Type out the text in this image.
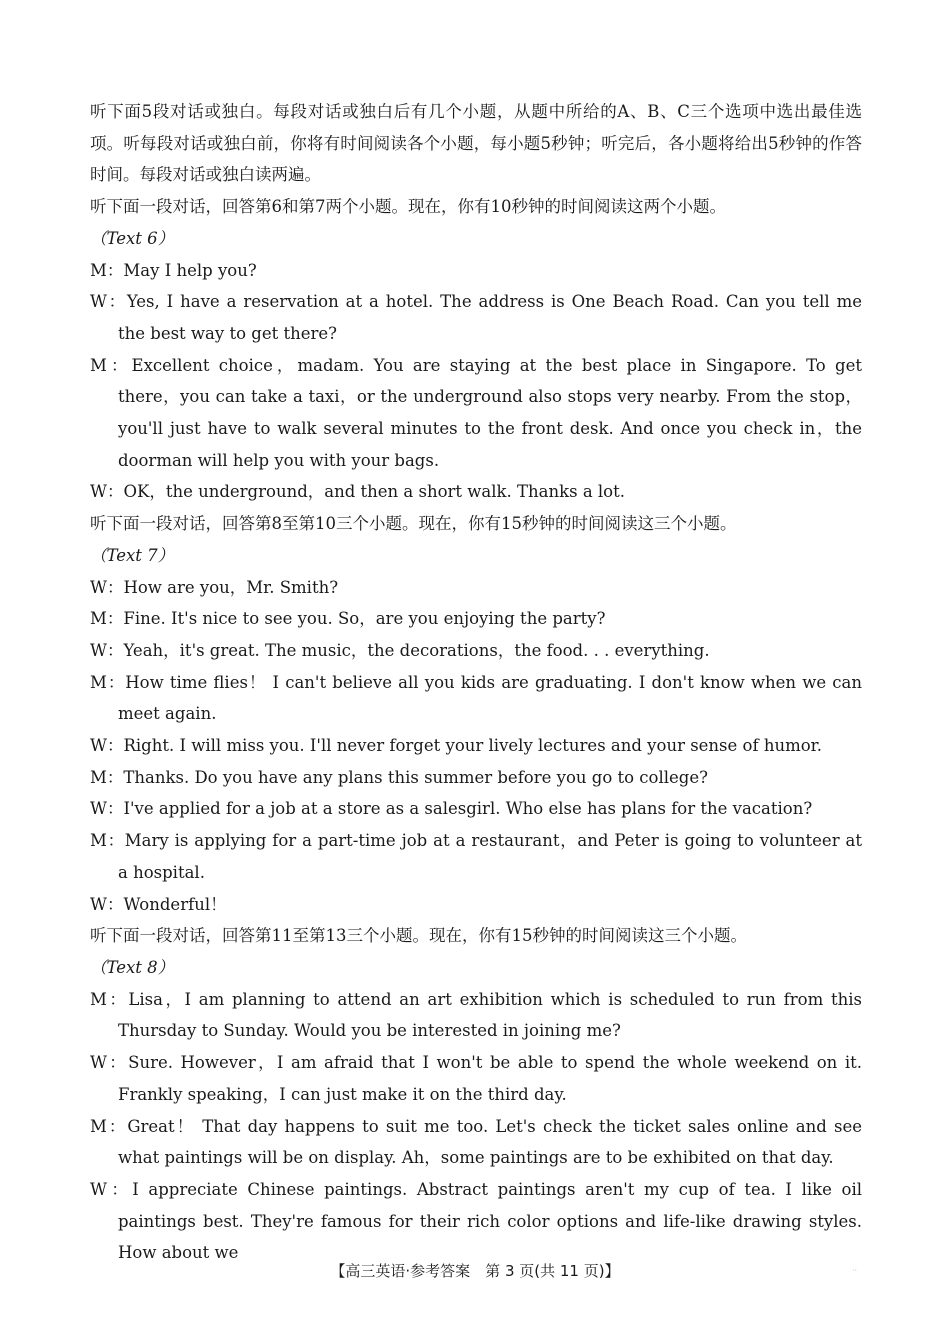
听下面5段对话或独白。每段对话或独白后有几个小题，从题中所给的A、B、C三个选项中选出最佳选项。听每段对话或独白前，你将有时间阅读各个小题，每小题5秒钟；听完后，各小题将给出5秒钟的作答时间。每段对话或独白读两遍。
听下面一段对话，回答第6和第7两个小题。现在，你有10秒钟的时间阅读这两个小题。
（Text 6）
M：May I help you?
W：Yes, I have a reservation at a hotel. The address is One Beach Road. Can you tell me the best way to get there?
M：Excellent choice，madam. You are staying at the best place in Singapore. To get there，you can take a taxi，or the underground also stops very nearby. From the stop，you'll just have to walk several minutes to the front desk. And once you check in，the doorman will help you with your bags.
W：OK，the underground，and then a short walk. Thanks a lot.
听下面一段对话，回答第8至第10三个小题。现在，你有15秒钟的时间阅读这三个小题。
（Text 7）
W：How are you，Mr. Smith?
M：Fine. It's nice to see you. So，are you enjoying the party?
W：Yeah，it's great. The music，the decorations，the food. . . everything.
M：How time flies！ I can't believe all you kids are graduating. I don't know when we can meet again.
W：Right. I will miss you. I'll never forget your lively lectures and your sense of humor.
M：Thanks. Do you have any plans this summer before you go to college?
W：I've applied for a job at a store as a salesgirl. Who else has plans for the vacation?
M：Mary is applying for a part-time job at a restaurant，and Peter is going to volunteer at a hospital.
W：Wonderful！
听下面一段对话，回答第11至第13三个小题。现在，你有15秒钟的时间阅读这三个小题。
（Text 8）
M：Lisa，I am planning to attend an art exhibition which is scheduled to run from this Thursday to Sunday. Would you be interested in joining me?
W：Sure. However，I am afraid that I won't be able to spend the whole weekend on it. Frankly speaking，I can just make it on the third day.
M：Great！ That day happens to suit me too. Let's check the ticket sales online and see what paintings will be on display. Ah，some paintings are to be exhibited on that day.
W：I appreciate Chinese paintings. Abstract paintings aren't my cup of tea. I like oil paintings best. They're famous for their rich color options and life-like drawing styles. How about we
【高三英语·参考答案　第 3 页(共 11 页)】	··
